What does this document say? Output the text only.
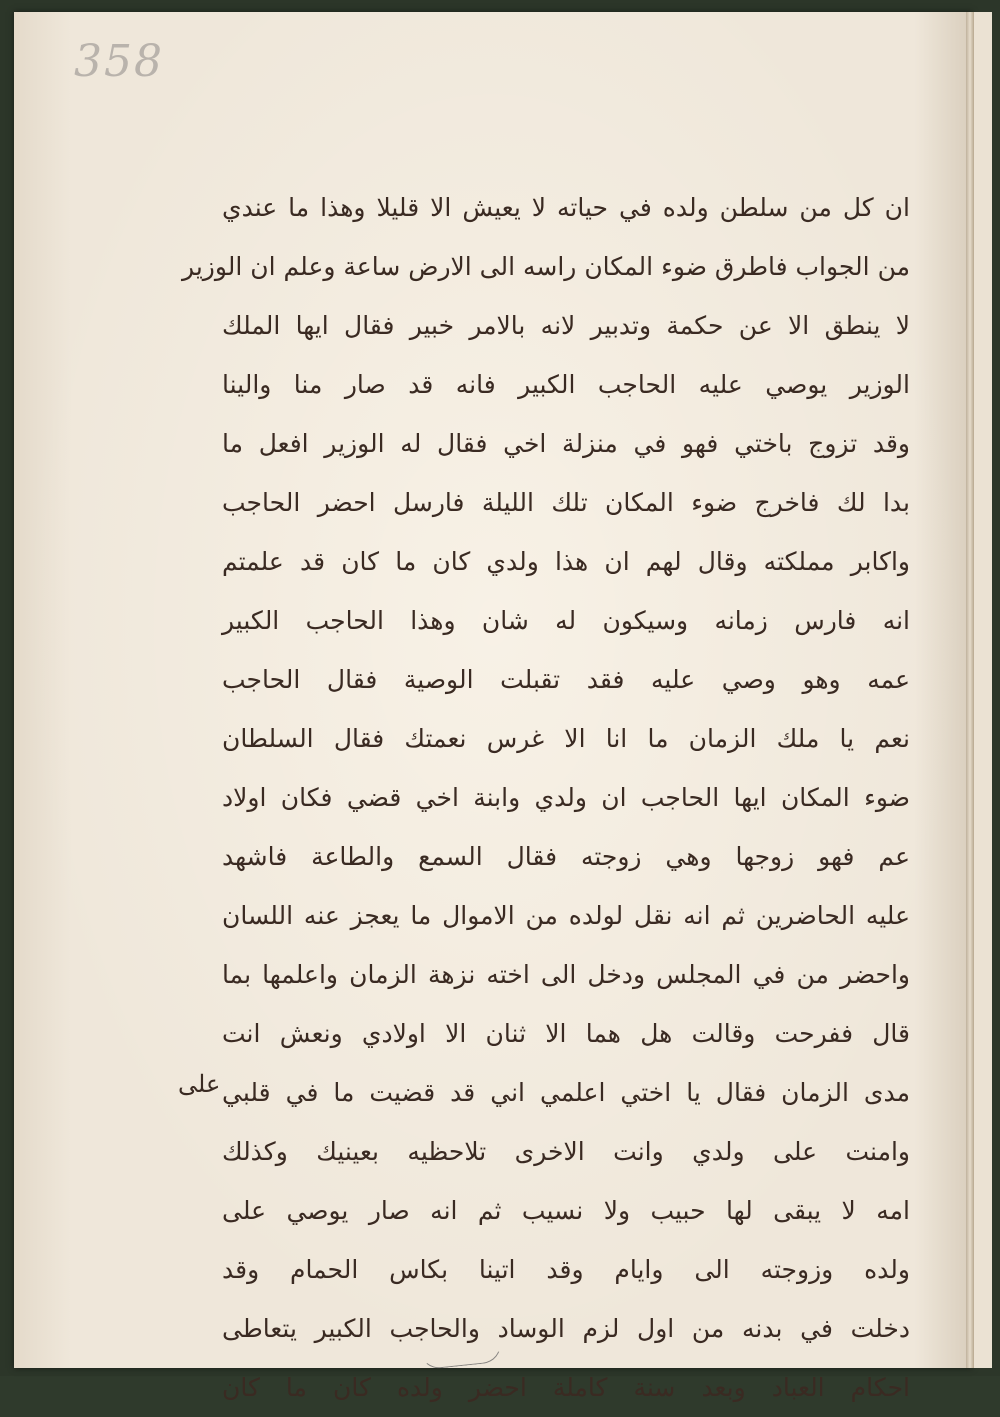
358
ان كل من سلطن ولده في حياته لا يعيش الا قليلا وهذا ما عندي
من الجواب فاطرق ضوء المكان راسه الى الارض ساعة وعلم ان الوزير
لا ينطق الا عن حكمة وتدبير لانه بالامر خبير فقال ايها الملك
الوزير يوصي عليه الحاجب الكبير فانه قد صار منا والينا
وقد تزوج باختي فهو في منزلة اخي فقال له الوزير افعل ما
بدا لك فاخرج ضوء المكان تلك الليلة فارسل احضر الحاجب
واكابر مملكته وقال لهم ان هذا ولدي كان ما كان قد علمتم
انه فارس زمانه وسيكون له شان وهذا الحاجب الكبير
عمه وهو وصي عليه فقد تقبلت الوصية فقال الحاجب
نعم يا ملك الزمان ما انا الا غرس نعمتك فقال السلطان
ضوء المكان ايها الحاجب ان ولدي وابنة اخي قضي فكان اولاد
عم فهو زوجها وهي زوجته فقال السمع والطاعة فاشهد
عليه الحاضرين ثم انه نقل لولده من الاموال ما يعجز عنه اللسان
واحضر من في المجلس ودخل الى اخته نزهة الزمان واعلمها بما
قال ففرحت وقالت هل هما الا ثنان الا اولادي ونعش انت
مدى الزمان فقال يا اختي اعلمي اني قد قضيت ما في قلبي
وامنت على ولدي وانت الاخرى تلاحظيه بعينيك وكذلك
امه لا يبقى لها حبيب ولا نسيب ثم انه صار يوصي على
ولده وزوجته الى وايام وقد اتينا بكاس الحمام وقد
دخلت في بدنه من اول لزم الوساد والحاجب الكبير يتعاطى
احكام العباد وبعد سنة كاملة احضر ولده كان ما كان
على
